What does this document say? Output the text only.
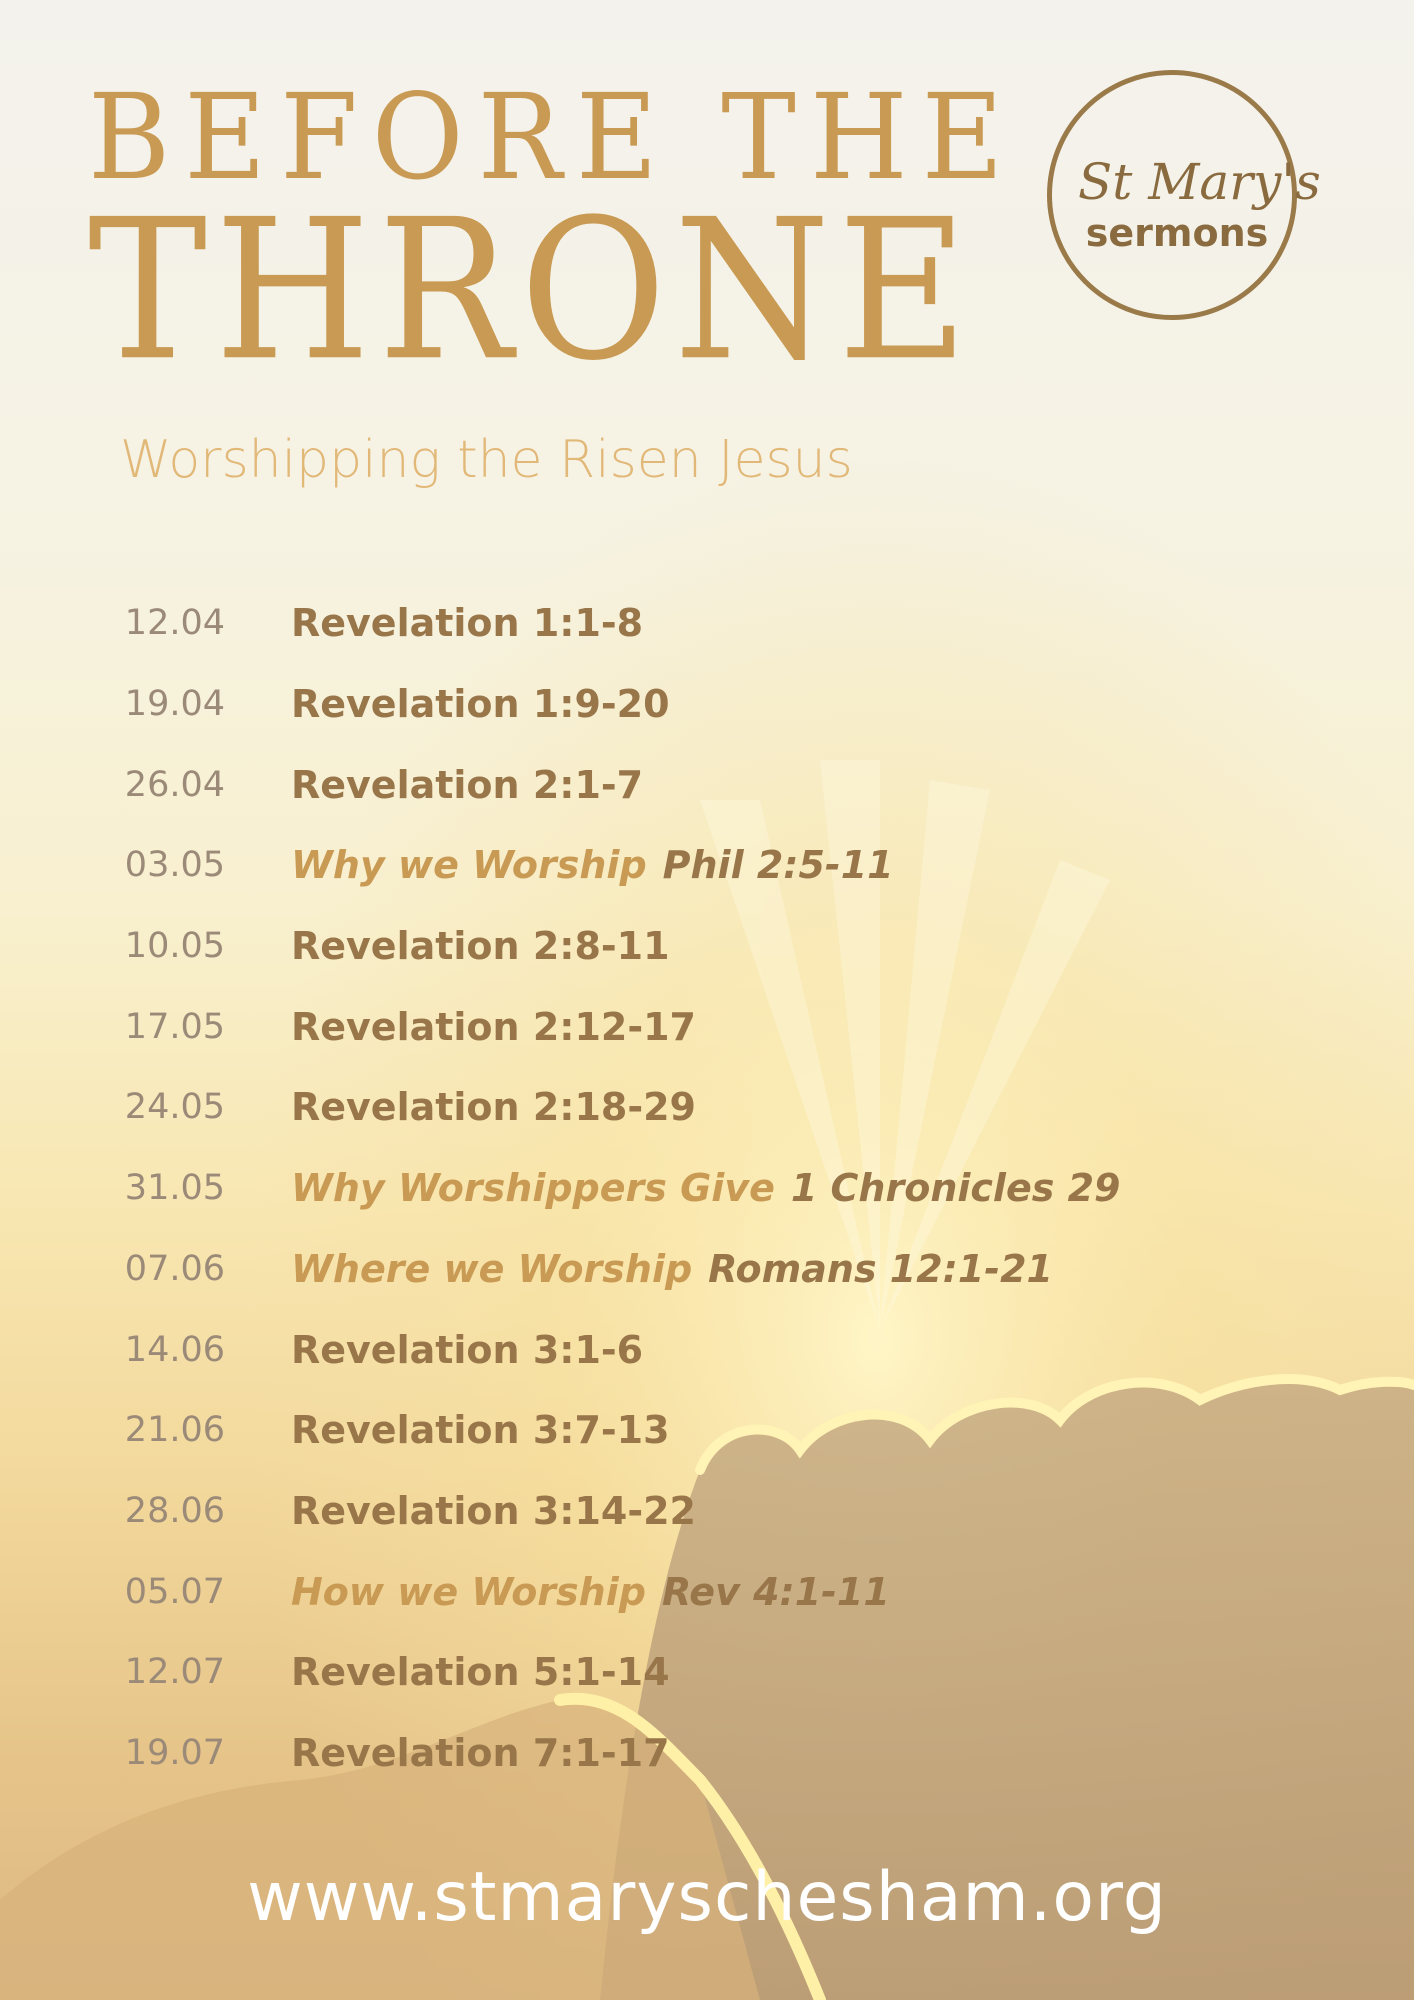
BEFORE THE
THRONE
Worshipping the Risen Jesus
St Mary's
sermons
12.04 Revelation 1:1-8
19.04 Revelation 1:9-20
26.04 Revelation 2:1-7
03.05 Why we Worship Phil 2:5-11
10.05 Revelation 2:8-11
17.05 Revelation 2:12-17
24.05 Revelation 2:18-29
31.05 Why Worshippers Give 1 Chronicles 29
07.06 Where we Worship Romans 12:1-21
14.06 Revelation 3:1-6
21.06 Revelation 3:7-13
28.06 Revelation 3:14-22
05.07 How we Worship Rev 4:1-11
12.07 Revelation 5:1-14
19.07 Revelation 7:1-17
www.stmaryschesham.org
